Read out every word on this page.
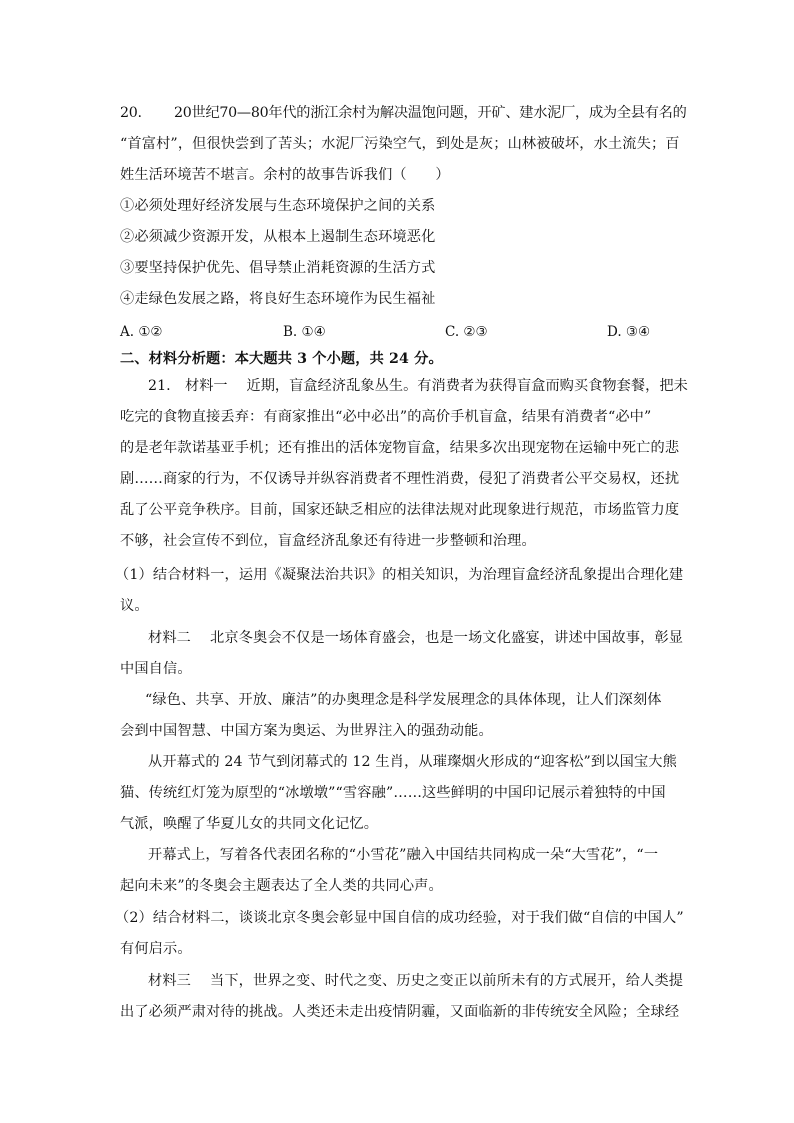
20.　　 20世纪70—80年代的浙江余村为解决温饱问题，开矿、建水泥厂，成为全县有名的
“首富村”，但很快尝到了苦头；水泥厂污染空气，到处是灰；山林被破坏，水土流失；百
姓生活环境苦不堪言。余村的故事告诉我们（　　）
①必须处理好经济发展与生态环境保护之间的关系
②必须减少资源开发，从根本上遏制生态环境恶化
③要坚持保护优先、倡导禁止消耗资源的生活方式
④走绿色发展之路，将良好生态环境作为民生福祉
A. ①②	B. ①④	C. ②③	D. ③④
二、材料分析题：本大题共 3 个小题，共 24 分。
21.　材料一　 近期，盲盒经济乱象丛生。有消费者为获得盲盒而购买食物套餐，把未
吃完的食物直接丢弃：有商家推出“必中必出”的高价手机盲盒，结果有消费者“必中”
的是老年款诺基亚手机；还有推出的活体宠物盲盒，结果多次出现宠物在运输中死亡的悲
剧……商家的行为，不仅诱导并纵容消费者不理性消费，侵犯了消费者公平交易权，还扰
乱了公平竞争秩序。目前，国家还缺乏相应的法律法规对此现象进行规范，市场监管力度
不够，社会宣传不到位，盲盒经济乱象还有待进一步整顿和治理。
（1）结合材料一，运用《凝聚法治共识》的相关知识，为治理盲盒经济乱象提出合理化建
议。
材料二　 北京冬奥会不仅是一场体育盛会，也是一场文化盛宴，讲述中国故事，彰显
中国自信。
“绿色、共享、开放、廉洁”的办奥理念是科学发展理念的具体体现，让人们深刻体
会到中国智慧、中国方案为奥运、为世界注入的强劲动能。
从开幕式的 24 节气到闭幕式的 12 生肖，从璀璨烟火形成的“迎客松”到以国宝大熊
猫、传统红灯笼为原型的“冰墩墩”“雪容融”……这些鲜明的中国印记展示着独特的中国
气派，唤醒了华夏儿女的共同文化记忆。
开幕式上，写着各代表团名称的“小雪花”融入中国结共同构成一朵“大雪花”，“一
起向未来”的冬奥会主题表达了全人类的共同心声。
（2）结合材料二，谈谈北京冬奥会彰显中国自信的成功经验，对于我们做“自信的中国人”
有何启示。
材料三　 当下，世界之变、时代之变、历史之变正以前所未有的方式展开，给人类提
出了必须严肃对待的挑战。人类还未走出疫情阴霾，又面临新的非传统安全风险；全球经
